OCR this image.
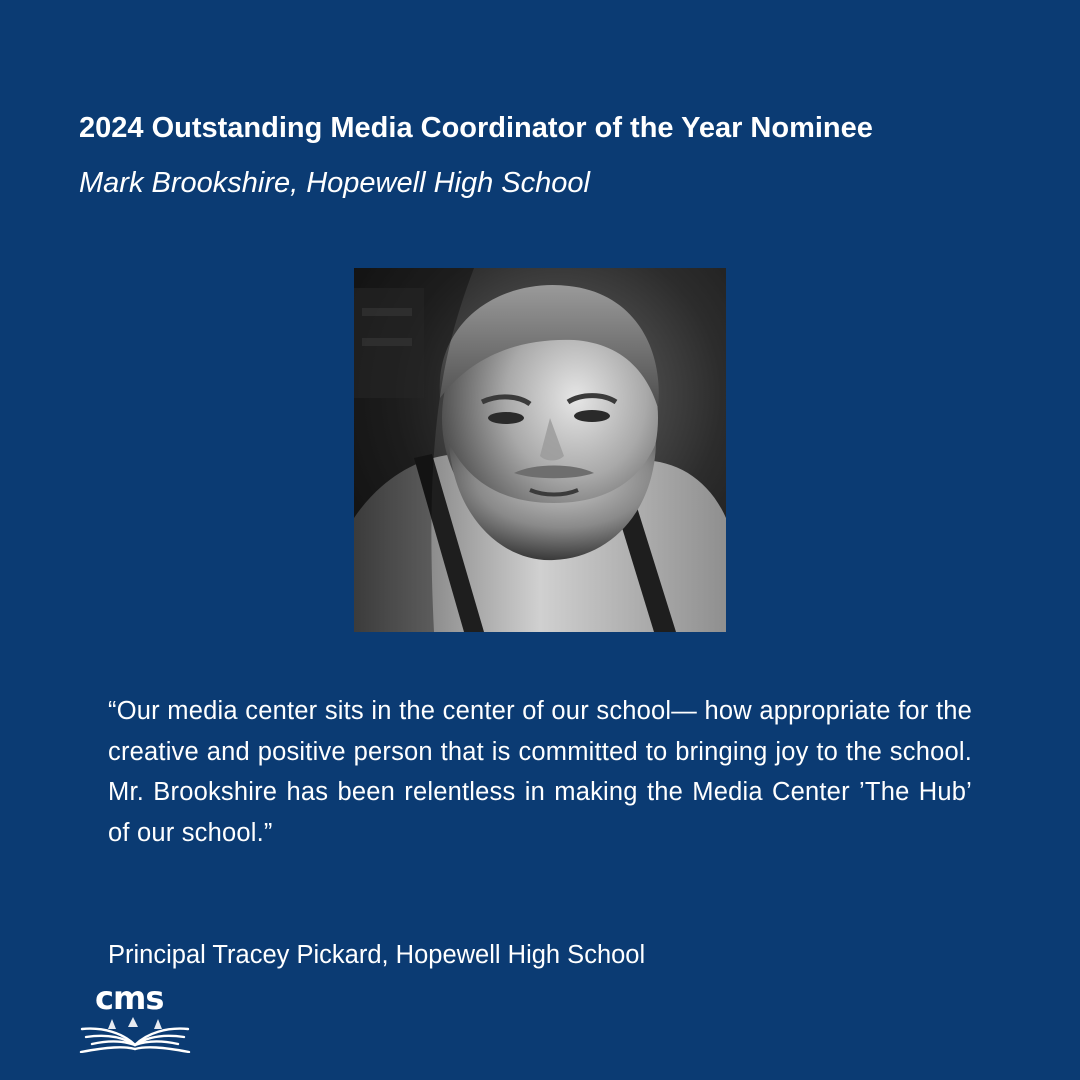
2024 Outstanding Media Coordinator of the Year Nominee
Mark Brookshire, Hopewell High School

“Our media center sits in the center of our school— how appropriate for the creative and positive person that is committed to bringing joy to the school. Mr. Brookshire has been relentless in making the Media Center ’The Hub’ of our school.”

Principal Tracey Pickard, Hopewell High School
cms
